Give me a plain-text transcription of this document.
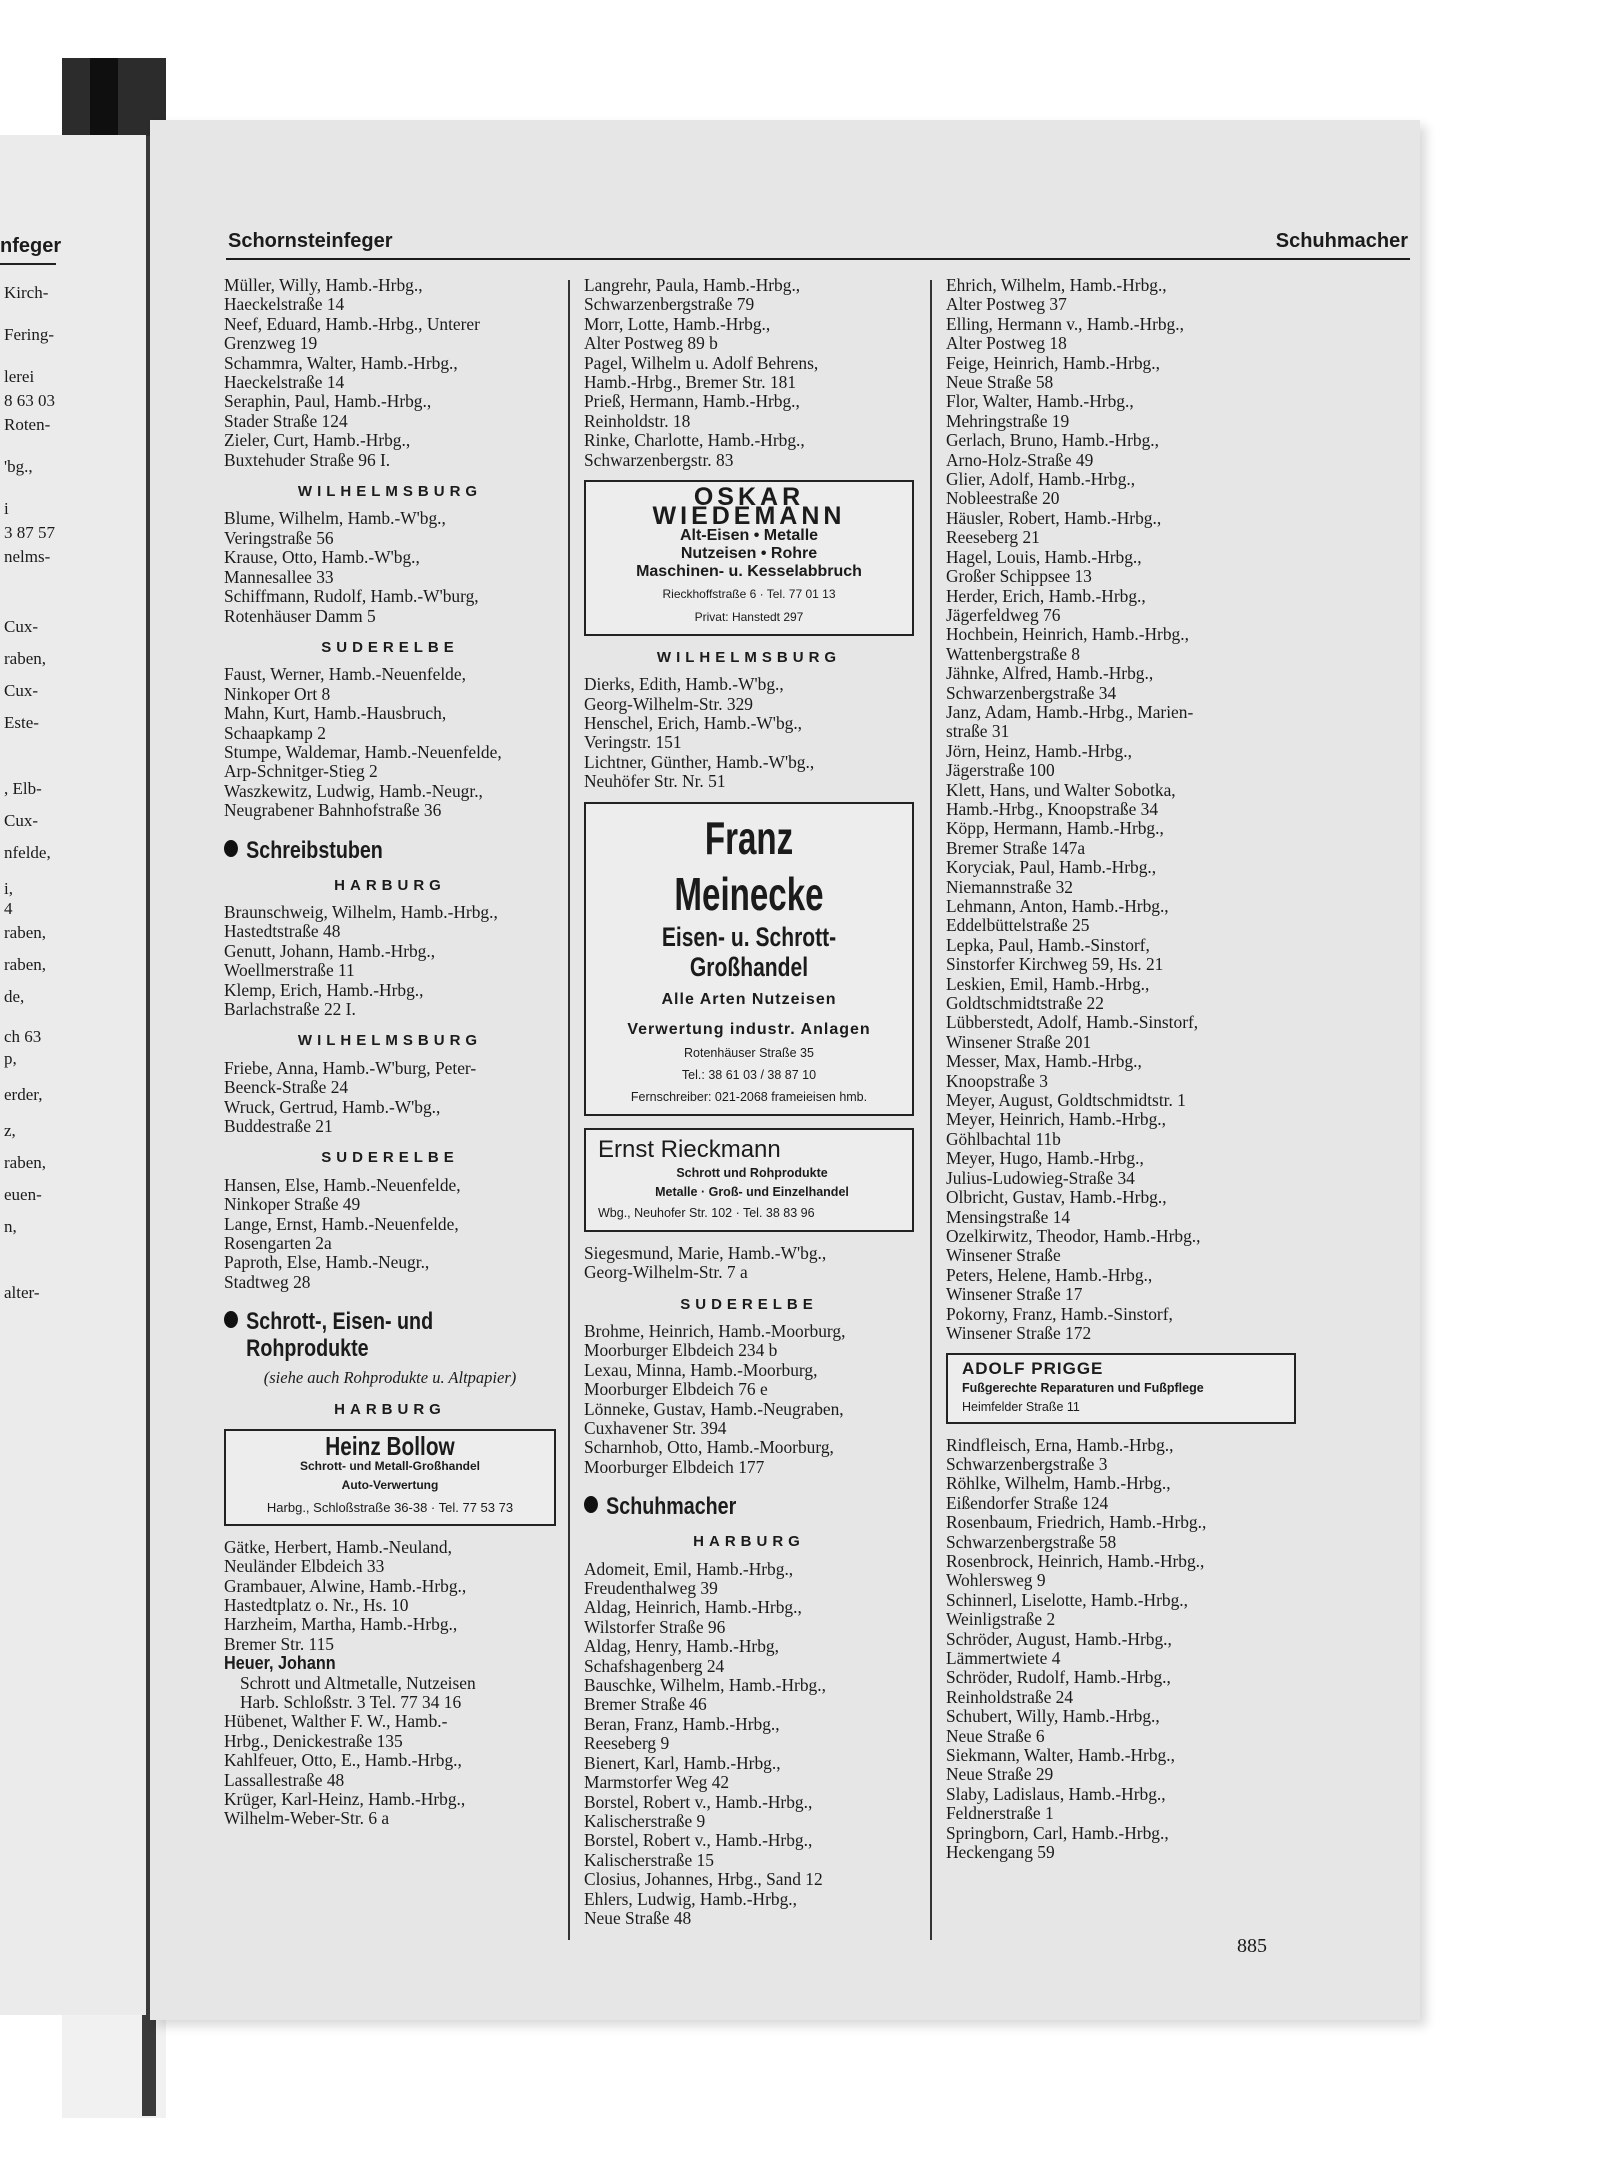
nfeger
Kirch-
Fering-
lerei
8 63 03
Roten-
'bg.,
i
3 87 57
nelms-
Cux-
raben,
Cux-
Este-
, Elb-
Cux-
nfelde,
i,
4
raben,
raben,
de,
ch 63
p,
erder,
z,
raben,
euen-
n,
alter-
Schornsteinfeger	Schuhmacher
Müller, Willy, Hamb.-Hrbg.,
Haeckelstraße 14
Neef, Eduard, Hamb.-Hrbg., Unterer
Grenzweg 19
Schammra, Walter, Hamb.-Hrbg.,
Haeckelstraße 14
Seraphin, Paul, Hamb.-Hrbg.,
Stader Straße 124
Zieler, Curt, Hamb.-Hrbg.,
Buxtehuder Straße 96 I.
WILHELMSBURG
Blume, Wilhelm, Hamb.-W'bg.,
Veringstraße 56
Krause, Otto, Hamb.-W'bg.,
Mannesallee 33
Schiffmann, Rudolf, Hamb.-W'burg,
Rotenhäuser Damm 5
SUDERELBE
Faust, Werner, Hamb.-Neuenfelde,
Ninkoper Ort 8
Mahn, Kurt, Hamb.-Hausbruch,
Schaapkamp 2
Stumpe, Waldemar, Hamb.-Neuenfelde,
Arp-Schnitger-Stieg 2
Waszkewitz, Ludwig, Hamb.-Neugr.,
Neugrabener Bahnhofstraße 36
Schreibstuben
HARBURG
Braunschweig, Wilhelm, Hamb.-Hrbg.,
Hastedtstraße 48
Genutt, Johann, Hamb.-Hrbg.,
Woellmerstraße 11
Klemp, Erich, Hamb.-Hrbg.,
Barlachstraße 22 I.
WILHELMSBURG
Friebe, Anna, Hamb.-W'burg, Peter-
Beenck-Straße 24
Wruck, Gertrud, Hamb.-W'bg.,
Buddestraße 21
SUDERELBE
Hansen, Else, Hamb.-Neuenfelde,
Ninkoper Straße 49
Lange, Ernst, Hamb.-Neuenfelde,
Rosengarten 2a
Paproth, Else, Hamb.-Neugr.,
Stadtweg 28
Schrott-, Eisen- und
Rohprodukte
(siehe auch Rohprodukte u. Altpapier)
HARBURG
Heinz Bollow
Schrott- und Metall-Großhandel
Auto-Verwertung
Harbg., Schloßstraße 36-38 · Tel. 77 53 73
Gätke, Herbert, Hamb.-Neuland,
Neuländer Elbdeich 33
Grambauer, Alwine, Hamb.-Hrbg.,
Hastedtplatz o. Nr., Hs. 10
Harzheim, Martha, Hamb.-Hrbg.,
Bremer Str. 115
Heuer, Johann
Schrott und Altmetalle, Nutzeisen
Harb. Schloßstr. 3 Tel. 77 34 16
Hübenet, Walther F. W., Hamb.-
Hrbg., Denickestraße 135
Kahlfeuer, Otto, E., Hamb.-Hrbg.,
Lassallestraße 48
Krüger, Karl-Heinz, Hamb.-Hrbg.,
Wilhelm-Weber-Str. 6 a
Langrehr, Paula, Hamb.-Hrbg.,
Schwarzenbergstraße 79
Morr, Lotte, Hamb.-Hrbg.,
Alter Postweg 89 b
Pagel, Wilhelm u. Adolf Behrens,
Hamb.-Hrbg., Bremer Str. 181
Prieß, Hermann, Hamb.-Hrbg.,
Reinholdstr. 18
Rinke, Charlotte, Hamb.-Hrbg.,
Schwarzenbergstr. 83
OSKAR WIEDEMANN
Alt-Eisen • Metalle
Nutzeisen • Rohre
Maschinen- u. Kesselabbruch
Rieckhoffstraße 6 · Tel. 77 01 13
Privat: Hanstedt 297
WILHELMSBURG
Dierks, Edith, Hamb.-W'bg.,
Georg-Wilhelm-Str. 329
Henschel, Erich, Hamb.-W'bg.,
Veringstr. 151
Lichtner, Günther, Hamb.-W'bg.,
Neuhöfer Str. Nr. 51
Franz Meinecke
Eisen- u. Schrott-Großhandel
Alle Arten Nutzeisen
Verwertung industr. Anlagen
Rotenhäuser Straße 35
Tel.: 38 61 03 / 38 87 10
Fernschreiber: 021-2068 frameieisen hmb.
Ernst Rieckmann
Schrott und Rohprodukte
Metalle · Groß- und Einzelhandel
Wbg., Neuhofer Str. 102 · Tel. 38 83 96
Siegesmund, Marie, Hamb.-W'bg.,
Georg-Wilhelm-Str. 7 a
SUDERELBE
Brohme, Heinrich, Hamb.-Moorburg,
Moorburger Elbdeich 234 b
Lexau, Minna, Hamb.-Moorburg,
Moorburger Elbdeich 76 e
Lönneke, Gustav, Hamb.-Neugraben,
Cuxhavener Str. 394
Scharnhob, Otto, Hamb.-Moorburg,
Moorburger Elbdeich 177
Schuhmacher
HARBURG
Adomeit, Emil, Hamb.-Hrbg.,
Freudenthalweg 39
Aldag, Heinrich, Hamb.-Hrbg.,
Wilstorfer Straße 96
Aldag, Henry, Hamb.-Hrbg,
Schafshagenberg 24
Bauschke, Wilhelm, Hamb.-Hrbg.,
Bremer Straße 46
Beran, Franz, Hamb.-Hrbg.,
Reeseberg 9
Bienert, Karl, Hamb.-Hrbg.,
Marmstorfer Weg 42
Borstel, Robert v., Hamb.-Hrbg.,
Kalischerstraße 9
Borstel, Robert v., Hamb.-Hrbg.,
Kalischerstraße 15
Closius, Johannes, Hrbg., Sand 12
Ehlers, Ludwig, Hamb.-Hrbg.,
Neue Straße 48
Ehrich, Wilhelm, Hamb.-Hrbg.,
Alter Postweg 37
Elling, Hermann v., Hamb.-Hrbg.,
Alter Postweg 18
Feige, Heinrich, Hamb.-Hrbg.,
Neue Straße 58
Flor, Walter, Hamb.-Hrbg.,
Mehringstraße 19
Gerlach, Bruno, Hamb.-Hrbg.,
Arno-Holz-Straße 49
Glier, Adolf, Hamb.-Hrbg.,
Nobleestraße 20
Häusler, Robert, Hamb.-Hrbg.,
Reeseberg 21
Hagel, Louis, Hamb.-Hrbg.,
Großer Schippsee 13
Herder, Erich, Hamb.-Hrbg.,
Jägerfeldweg 76
Hochbein, Heinrich, Hamb.-Hrbg.,
Wattenbergstraße 8
Jähnke, Alfred, Hamb.-Hrbg.,
Schwarzenbergstraße 34
Janz, Adam, Hamb.-Hrbg., Marien-
straße 31
Jörn, Heinz, Hamb.-Hrbg.,
Jägerstraße 100
Klett, Hans, und Walter Sobotka,
Hamb.-Hrbg., Knoopstraße 34
Köpp, Hermann, Hamb.-Hrbg.,
Bremer Straße 147a
Koryciak, Paul, Hamb.-Hrbg.,
Niemannstraße 32
Lehmann, Anton, Hamb.-Hrbg.,
Eddelbüttelstraße 25
Lepka, Paul, Hamb.-Sinstorf,
Sinstorfer Kirchweg 59, Hs. 21
Leskien, Emil, Hamb.-Hrbg.,
Goldtschmidtstraße 22
Lübberstedt, Adolf, Hamb.-Sinstorf,
Winsener Straße 201
Messer, Max, Hamb.-Hrbg.,
Knoopstraße 3
Meyer, August, Goldtschmidtstr. 1
Meyer, Heinrich, Hamb.-Hrbg.,
Göhlbachtal 11b
Meyer, Hugo, Hamb.-Hrbg.,
Julius-Ludowieg-Straße 34
Olbricht, Gustav, Hamb.-Hrbg.,
Mensingstraße 14
Ozelkirwitz, Theodor, Hamb.-Hrbg.,
Winsener Straße
Peters, Helene, Hamb.-Hrbg.,
Winsener Straße 17
Pokorny, Franz, Hamb.-Sinstorf,
Winsener Straße 172
ADOLF PRIGGE
Fußgerechte Reparaturen und Fußpflege
Heimfelder Straße 11
Rindfleisch, Erna, Hamb.-Hrbg.,
Schwarzenbergstraße 3
Röhlke, Wilhelm, Hamb.-Hrbg.,
Eißendorfer Straße 124
Rosenbaum, Friedrich, Hamb.-Hrbg.,
Schwarzenbergstraße 58
Rosenbrock, Heinrich, Hamb.-Hrbg.,
Wohlersweg 9
Schinnerl, Liselotte, Hamb.-Hrbg.,
Weinligstraße 2
Schröder, August, Hamb.-Hrbg.,
Lämmertwiete 4
Schröder, Rudolf, Hamb.-Hrbg.,
Reinholdstraße 24
Schubert, Willy, Hamb.-Hrbg.,
Neue Straße 6
Siekmann, Walter, Hamb.-Hrbg.,
Neue Straße 29
Slaby, Ladislaus, Hamb.-Hrbg.,
Feldnerstraße 1
Springborn, Carl, Hamb.-Hrbg.,
Heckengang 59
885
